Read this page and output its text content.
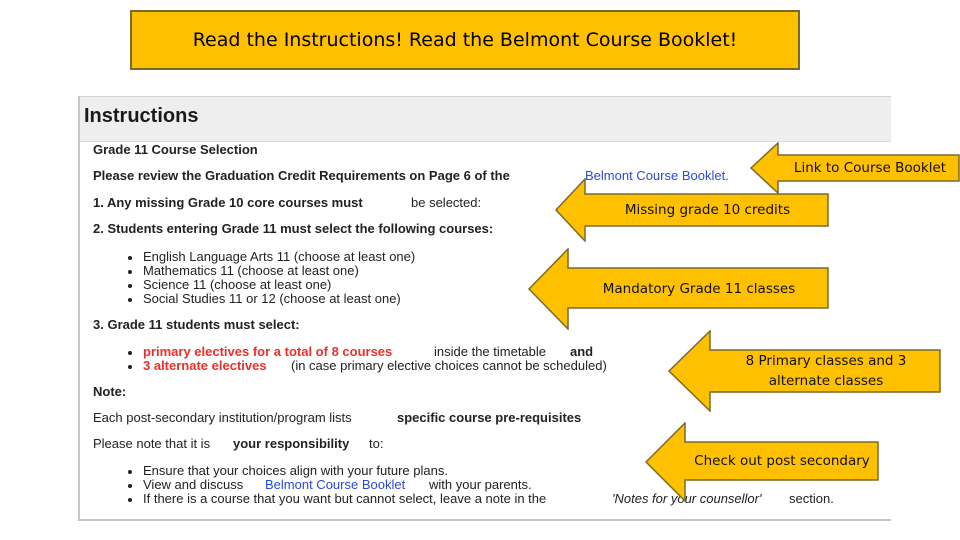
Read the Instructions! Read the Belmont Course Booklet!
Instructions
Grade 11 Course Selection
Please review the Graduation Credit Requirements on Page 6 of the	Belmont Course Booklet.
1. Any missing Grade 10 core courses must	be selected:
2. Students entering Grade 11 must select the following courses:
English Language Arts 11 (choose at least one)
Mathematics 11 (choose at least one)
Science 11 (choose at least one)
Social Studies 11 or 12 (choose at least one)
3. Grade 11 students must select:
primary electives for a total of 8 courses	inside the timetable and
3 alternate electives (in case primary elective choices cannot be scheduled)
Note:
Each post-secondary institution/program lists	specific course pre-requisites
Please note that it is your responsibility to:
Ensure that your choices align with your future plans.
View and discuss Belmont Course Booklet with your parents.
If there is a course that you want but cannot select, leave a note in the	'Notes for your counsellor' section.
Link to Course Booklet
Missing grade 10 credits
Mandatory Grade 11 classes
8 Primary classes and 3 alternate classes
Check out post secondary
